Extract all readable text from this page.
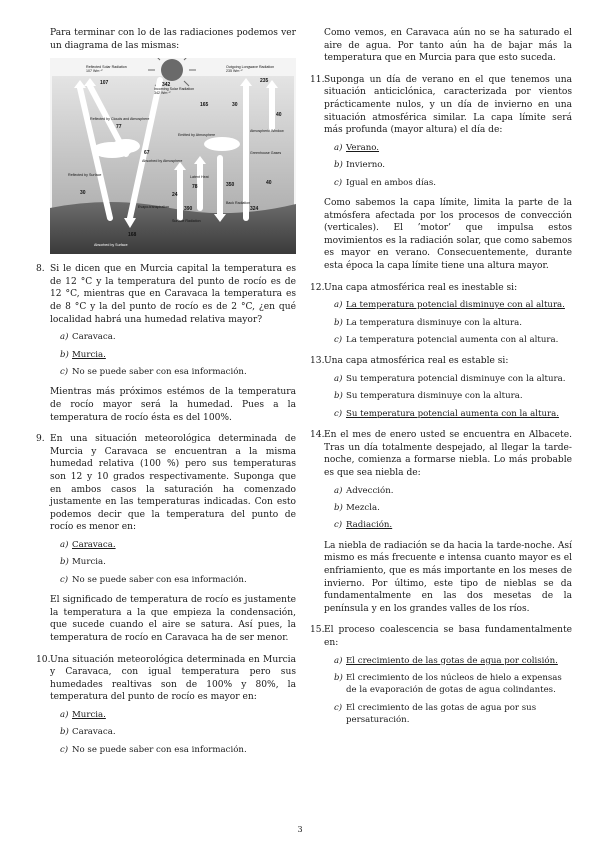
Para terminar con lo de las radiaciones podemos ver un diagrama de las mismas:

Reflected Solar Radiation
107 Wm⁻²
Incoming Solar Radiation
342 Wm⁻²
Outgoing Longwave Radiation
235 Wm⁻²
Reflected by Clouds and Atmosphere
Emitted by Atmosphere
Atmospheric Window
Greenhouse Gases
Absorbed by Atmosphere
Latent Heat
Reflected by Surface
Back Radiation
Surface Radiation
Evapo-transpiration
Absorbed by Surface
342
107	235
77
67
165	30
40
24
78	350
390	324
168
40
30
8. Si le dicen que en Murcia capital la temperatura es de 12 °C y la temperatura del punto de rocío es de 12 °C, mientras que en Caravaca la temperatura es de 8 °C y la del punto de rocío es de 2 °C, ¿en qué localidad habrá una humedad relativa mayor?

a) Caravaca.
b) Murcia.
c) No se puede saber con esa información.

Mientras más próximos estémos de la temperatura de rocío mayor será la humedad. Pues a la temperatura de rocío ésta es del 100%.

9. En una situación meteorológica determinada de Murcia y Caravaca se encuentran a la misma humedad relativa (100 %) pero sus temperaturas son 12 y 10 grados respectivamente. Suponga que en ambos casos la saturación ha comenzado justamente en las temperaturas indicadas. Con esto podemos decir que la temperatura del punto de rocío es menor en:

a) Caravaca.
b) Murcia.
c) No se puede saber con esa información.

El significado de temperatura de rocío es justamente la temperatura a la que empieza la condensación, que sucede cuando el aire se satura. Así pues, la temperatura de rocío en Caravaca ha de ser menor.

10. Una situación meteorológica determinada en Murcia y Caravaca, con igual temperatura pero sus humedades realtivas son de 100% y 80%, la temperatura del punto de rocío es mayor en:

a) Murcia.
b) Caravaca.
c) No se puede saber con esa información.

Como vemos, en Caravaca aún no se ha saturado el aire de agua. Por tanto aún ha de bajar más la temperatura que en Murcia para que esto suceda.

11. Suponga un día de verano en el que tenemos una situación anticiclónica, caracterizada por vientos prácticamente nulos, y un día de invierno en una situación atmosférica similar. La capa límite será más profunda (mayor altura) el día de:

a) Verano.
b) Invierno.
c) Igual en ambos días.

Como sabemos la capa límite, limita la parte de la atmósfera afectada por los procesos de convección (verticales). El ’motor’ que impulsa estos movimientos es la radiación solar, que como sabemos es mayor en verano. Consecuentemente, durante esta época la capa límite tiene una altura mayor.

12. Una capa atmosférica real es inestable si:

a) La temperatura potencial disminuye con al altura.
b) La temperatura disminuye con la altura.
c) La temperatura potencial aumenta con al altura.
13. Una capa atmosférica real es estable si:

a) Su temperatura potencial disminuye con la altura.
b) Su temperatura disminuye con la altura.
c) Su temperatura potencial aumenta con la altura.
14. En el mes de enero usted se encuentra en Albacete. Tras un día totalmente despejado, al llegar la tarde-noche, comienza a formarse niebla. Lo más probable es que sea niebla de:

a) Advección.
b) Mezcla.
c) Radiación.

La niebla de radiación se da hacia la tarde-noche. Así mismo es más frecuente e intensa cuanto mayor es el enfriamiento, que es más importante en los meses de invierno. Por último, este tipo de nieblas se da fundamentalmente en las dos mesetas de la península y en los grandes valles de los ríos.

15. El proceso coalescencia se basa fundamentalmente en:

a) El crecimiento de las gotas de agua por colisión.
b) El crecimiento de los núcleos de hielo a expensas de la evaporación de gotas de agua colindantes.
c) El crecimiento de las gotas de agua por sus persaturación.
3
